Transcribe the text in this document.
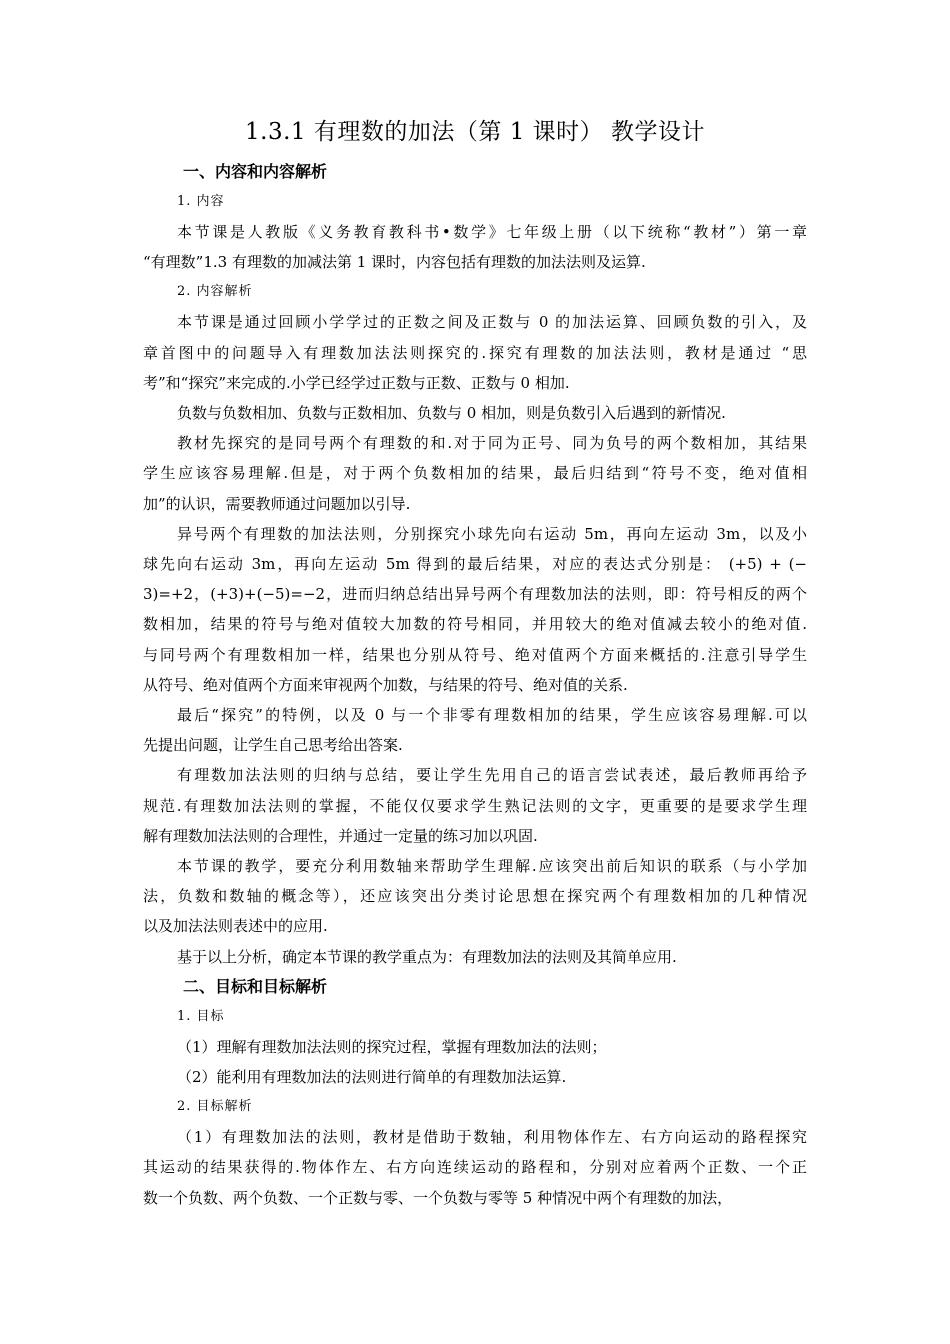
1.3.1 有理数的加法（第 1 课时） 教学设计
一、内容和内容解析
1. 内容

本节课是人教版《义务教育教科书•数学》七年级上册（以下统称“教材”）第一章
“有理数”1.3 有理数的加减法第 1 课时，内容包括有理数的加法法则及运算.

2. 内容解析

本节课是通过回顾小学学过的正数之间及正数与 0 的加法运算、回顾负数的引入，及
章首图中的问题导入有理数加法法则探究的.探究有理数的加法法则，教材是通过 “思
考”和“探究”来完成的.小学已经学过正数与正数、正数与 0 相加.

负数与负数相加、负数与正数相加、负数与 0 相加，则是负数引入后遇到的新情况.

教材先探究的是同号两个有理数的和.对于同为正号、同为负号的两个数相加，其结果
学生应该容易理解.但是，对于两个负数相加的结果，最后归结到“符号不变，绝对值相
加”的认识，需要教师通过问题加以引导.

异号两个有理数的加法法则，分别探究小球先向右运动 5m，再向左运动 3m，以及小
球先向右运动 3m，再向左运动 5m 得到的最后结果，对应的表达式分别是： (+5) + (−
3)=+2，(+3)+(−5)=−2，进而归纳总结出异号两个有理数加法的法则，即：符号相反的两个
数相加，结果的符号与绝对值较大加数的符号相同，并用较大的绝对值减去较小的绝对值.
与同号两个有理数相加一样，结果也分别从符号、绝对值两个方面来概括的.注意引导学生
从符号、绝对值两个方面来审视两个加数，与结果的符号、绝对值的关系.

最后“探究”的特例，以及 0 与一个非零有理数相加的结果，学生应该容易理解.可以
先提出问题，让学生自己思考给出答案.

有理数加法法则的归纳与总结，要让学生先用自己的语言尝试表述，最后教师再给予
规范.有理数加法法则的掌握，不能仅仅要求学生熟记法则的文字，更重要的是要求学生理
解有理数加法法则的合理性，并通过一定量的练习加以巩固.

本节课的教学，要充分利用数轴来帮助学生理解.应该突出前后知识的联系（与小学加
法，负数和数轴的概念等），还应该突出分类讨论思想在探究两个有理数相加的几种情况
以及加法法则表述中的应用.

基于以上分析，确定本节课的教学重点为：有理数加法的法则及其简单应用.

二、目标和目标解析
1. 目标
（1）理解有理数加法法则的探究过程，掌握有理数加法的法则；
（2）能利用有理数加法的法则进行简单的有理数加法运算.
2. 目标解析

（1）有理数加法的法则，教材是借助于数轴，利用物体作左、右方向运动的路程探究
其运动的结果获得的.物体作左、右方向连续运动的路程和，分别对应着两个正数、一个正
数一个负数、两个负数、一个正数与零、一个负数与零等 5 种情况中两个有理数的加法，
